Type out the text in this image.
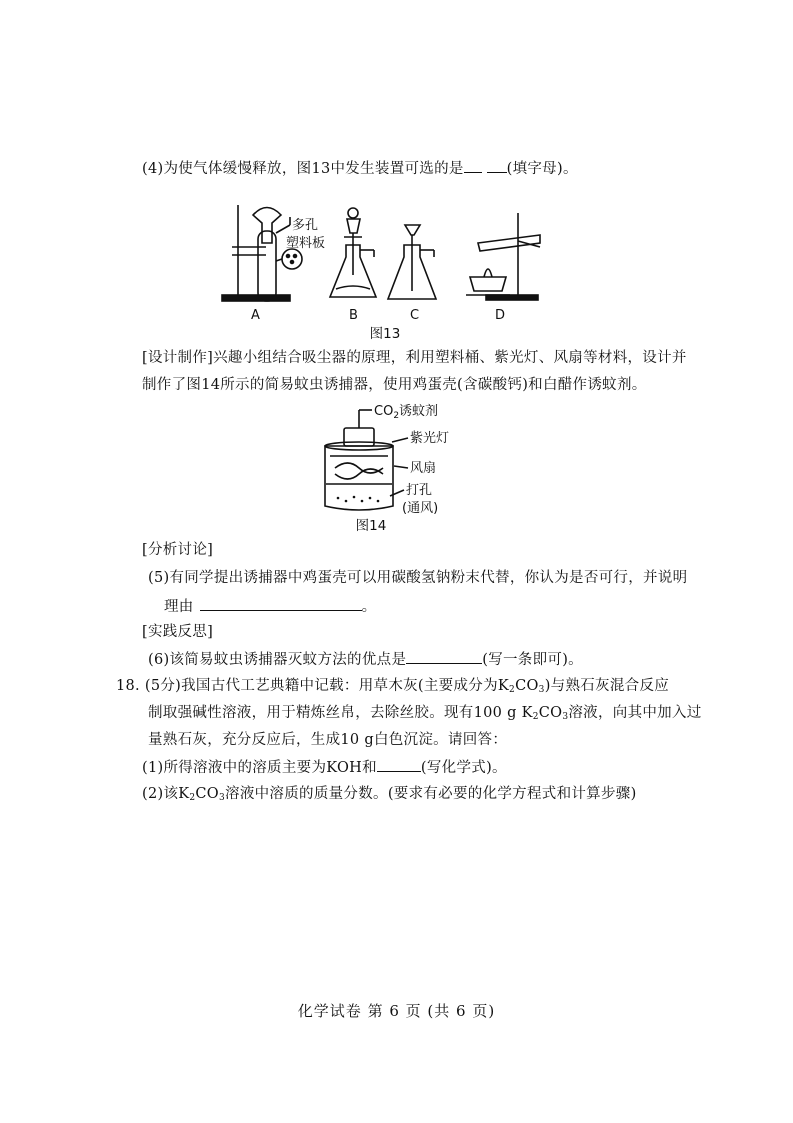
(4)为使气体缓慢释放，图13中发生装置可选的是	(填字母)。
多孔
塑料板
A	B	C	D
图13
[设计制作]兴趣小组结合吸尘器的原理，利用塑料桶、紫光灯、风扇等材料，设计并
制作了图14所示的简易蚊虫诱捕器，使用鸡蛋壳(含碳酸钙)和白醋作诱蚊剂。
$CO_2$诱蚊剂
紫光灯
风扇
打孔
(通风)
图14
[分析讨论]
(5)有同学提出诱捕器中鸡蛋壳可以用碳酸氢钠粉末代替，你认为是否可行，并说明
理由	。
[实践反思]
(6)该简易蚊虫诱捕器灭蚊方法的优点是	(写一条即可)。
18. (5分)我国古代工艺典籍中记载：用草木灰(主要成分为$K_2CO_3$)与熟石灰混合反应
制取强碱性溶液，用于精炼丝帛，去除丝胶。现有100 g $K_2CO_3$溶液，向其中加入过
量熟石灰，充分反应后，生成10 g白色沉淀。请回答：
(1)所得溶液中的溶质主要为KOH和	(写化学式)。
(2)该$K_2CO_3$溶液中溶质的质量分数。(要求有必要的化学方程式和计算步骤)
化学试卷 第 6 页 (共 6 页)
